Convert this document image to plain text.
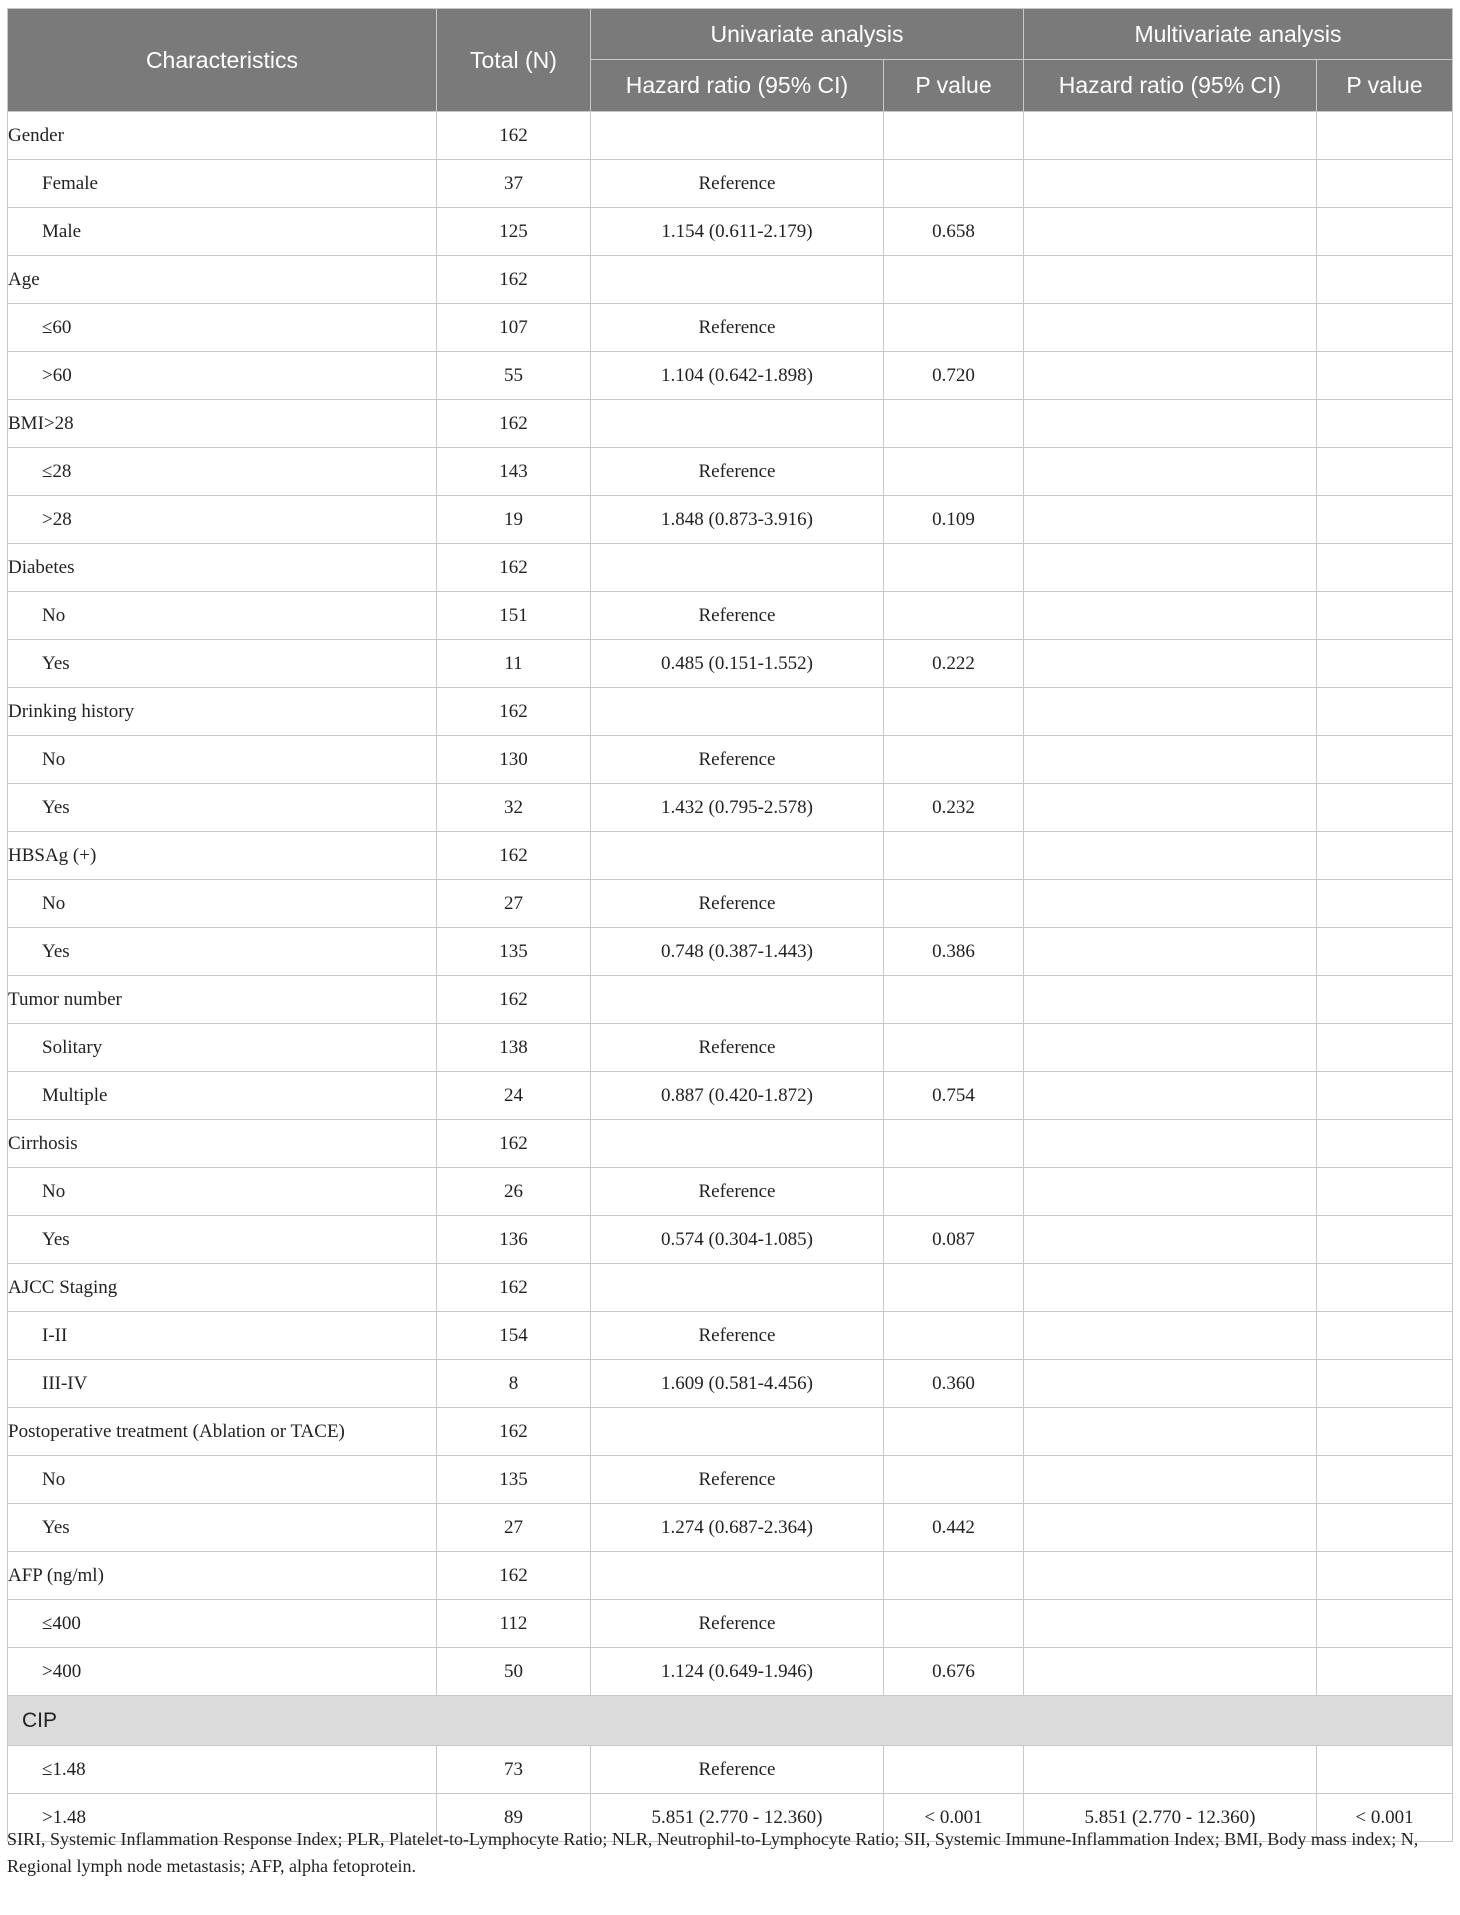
Characteristics	Total (N)	Univariate analysis		Multivariate analysis	
		Hazard ratio (95% CI)	P value	Hazard ratio (95% CI)	P value
Gender	162				
Female	37	Reference			
Male	125	1.154 (0.611-2.179)	0.658		
Age	162				
≤60	107	Reference			
>60	55	1.104 (0.642-1.898)	0.720		
BMI>28	162				
≤28	143	Reference			
>28	19	1.848 (0.873-3.916)	0.109		
Diabetes	162				
No	151	Reference			
Yes	11	0.485 (0.151-1.552)	0.222		
Drinking history	162				
No	130	Reference			
Yes	32	1.432 (0.795-2.578)	0.232		
HBSAg (+)	162				
No	27	Reference			
Yes	135	0.748 (0.387-1.443)	0.386		
Tumor number	162				
Solitary	138	Reference			
Multiple	24	0.887 (0.420-1.872)	0.754		
Cirrhosis	162				
No	26	Reference			
Yes	136	0.574 (0.304-1.085)	0.087		
AJCC Staging	162				
I-II	154	Reference			
III-IV	8	1.609 (0.581-4.456)	0.360		
Postoperative treatment (Ablation or TACE)	162				
No	135	Reference			
Yes	27	1.274 (0.687-2.364)	0.442		
AFP (ng/ml)	162				
≤400	112	Reference			
>400	50	1.124 (0.649-1.946)	0.676		
CIP					
≤1.48	73	Reference			
>1.48	89	5.851 (2.770 - 12.360)	< 0.001	5.851 (2.770 - 12.360)	< 0.001
SIRI, Systemic Inflammation Response Index; PLR, Platelet-to-Lymphocyte Ratio; NLR, Neutrophil-to-Lymphocyte Ratio; SII, Systemic Immune-Inflammation Index; BMI, Body mass index; N, Regional lymph node metastasis; AFP, alpha fetoprotein.
